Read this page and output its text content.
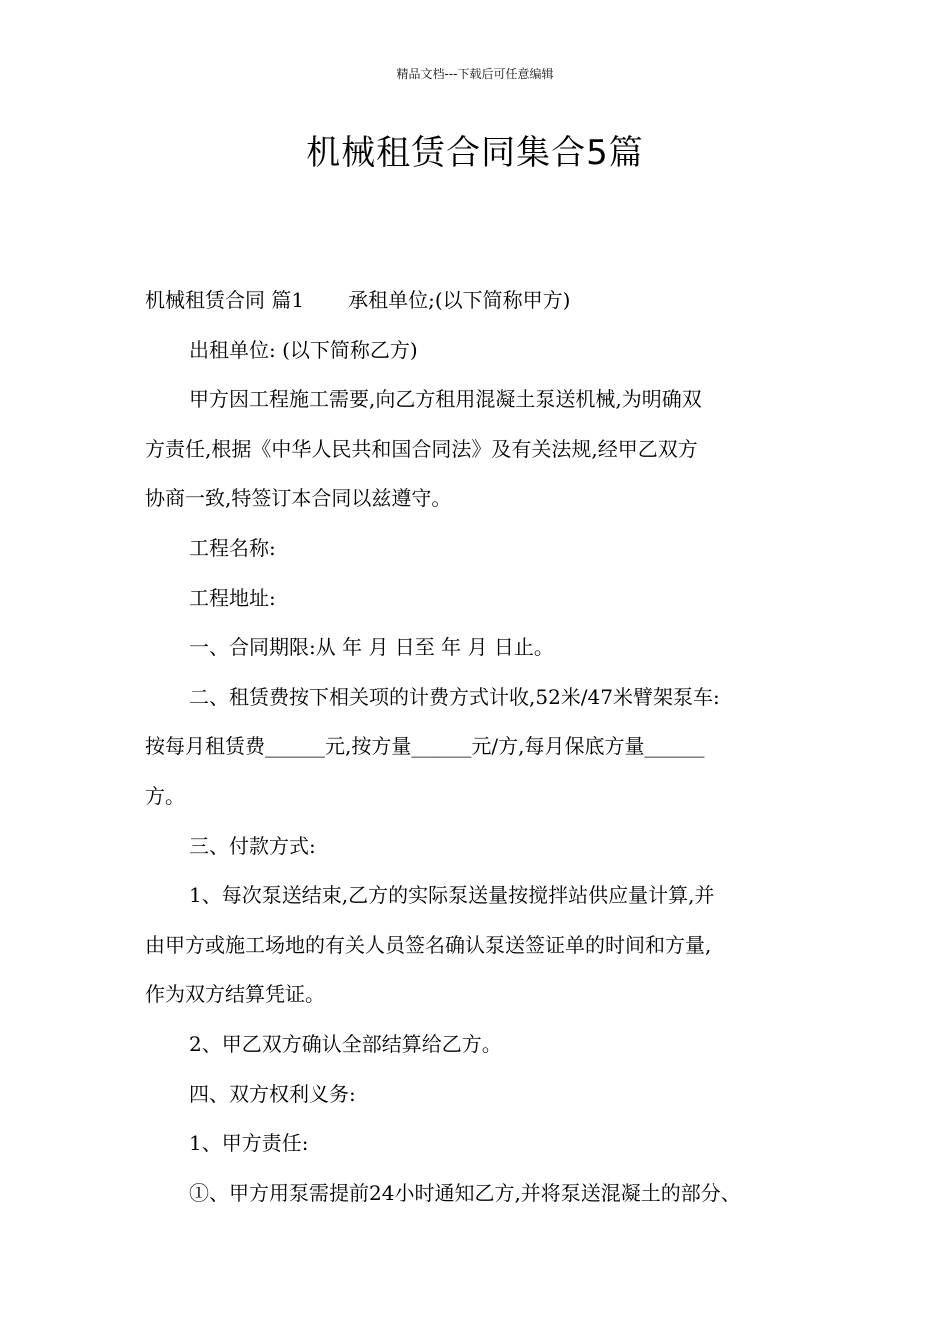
精品文档---下载后可任意编辑
机械租赁合同集合5篇
机械租赁合同 篇1 承租单位;(以下简称甲方)
出租单位: (以下简称乙方)
甲方因工程施工需要,向乙方租用混凝土泵送机械,为明确双
方责任,根据《中华人民共和国合同法》及有关法规,经甲乙双方
协商一致,特签订本合同以兹遵守。
工程名称:
工程地址:
一、合同期限:从 年 月 日至 年 月 日止。
二、租赁费按下相关项的计费方式计收,52米/47米臂架泵车:
按每月租赁费______元,按方量______元/方,每月保底方量______
方。
三、付款方式:
1、每次泵送结束,乙方的实际泵送量按搅拌站供应量计算,并
由甲方或施工场地的有关人员签名确认泵送签证单的时间和方量,
作为双方结算凭证。
2、甲乙双方确认全部结算给乙方。
四、双方权利义务:
1、甲方责任:
①、甲方用泵需提前24小时通知乙方,并将泵送混凝土的部分、
